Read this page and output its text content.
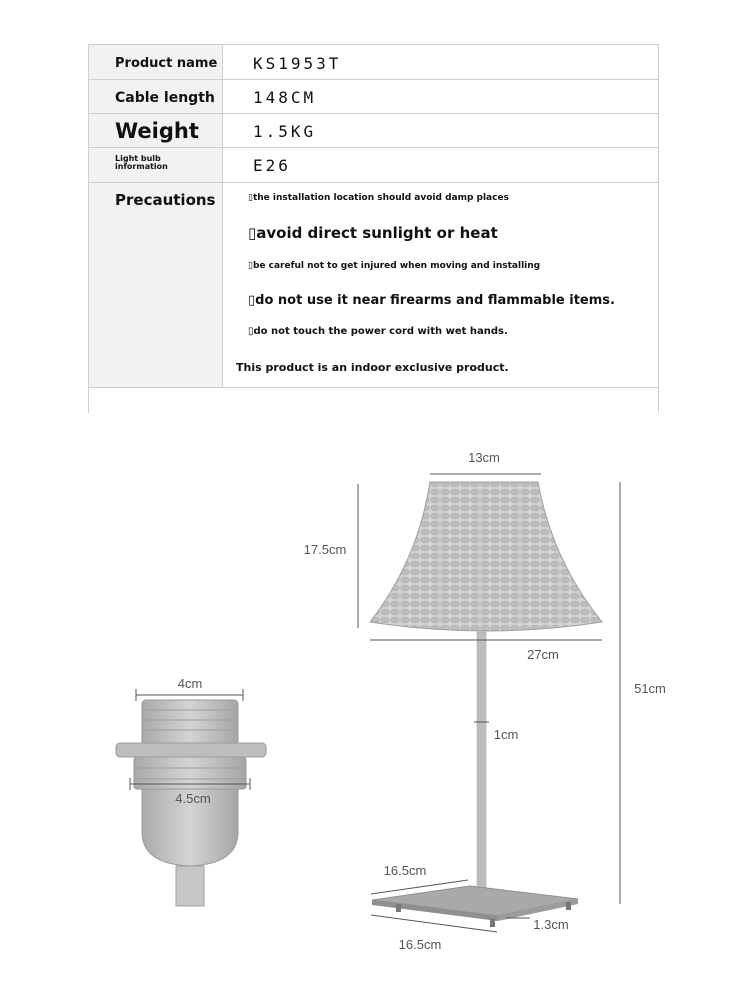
Product name KS1953T
Cable length 148CM
Weight	1.5KG
Light bulb information	E26
Precautions	▯the installation location should avoid damp places
▯avoid direct sunlight or heat
▯be careful not to get injured when moving and installing
▯do not use it near firearms and flammable items.
▯do not touch the power cord with wet hands.
This product is an indoor exclusive product.
4cm
4.5cm
13cm
17.5cm
27cm
51cm
1cm
16.5cm
16.5cm
1.3cm
